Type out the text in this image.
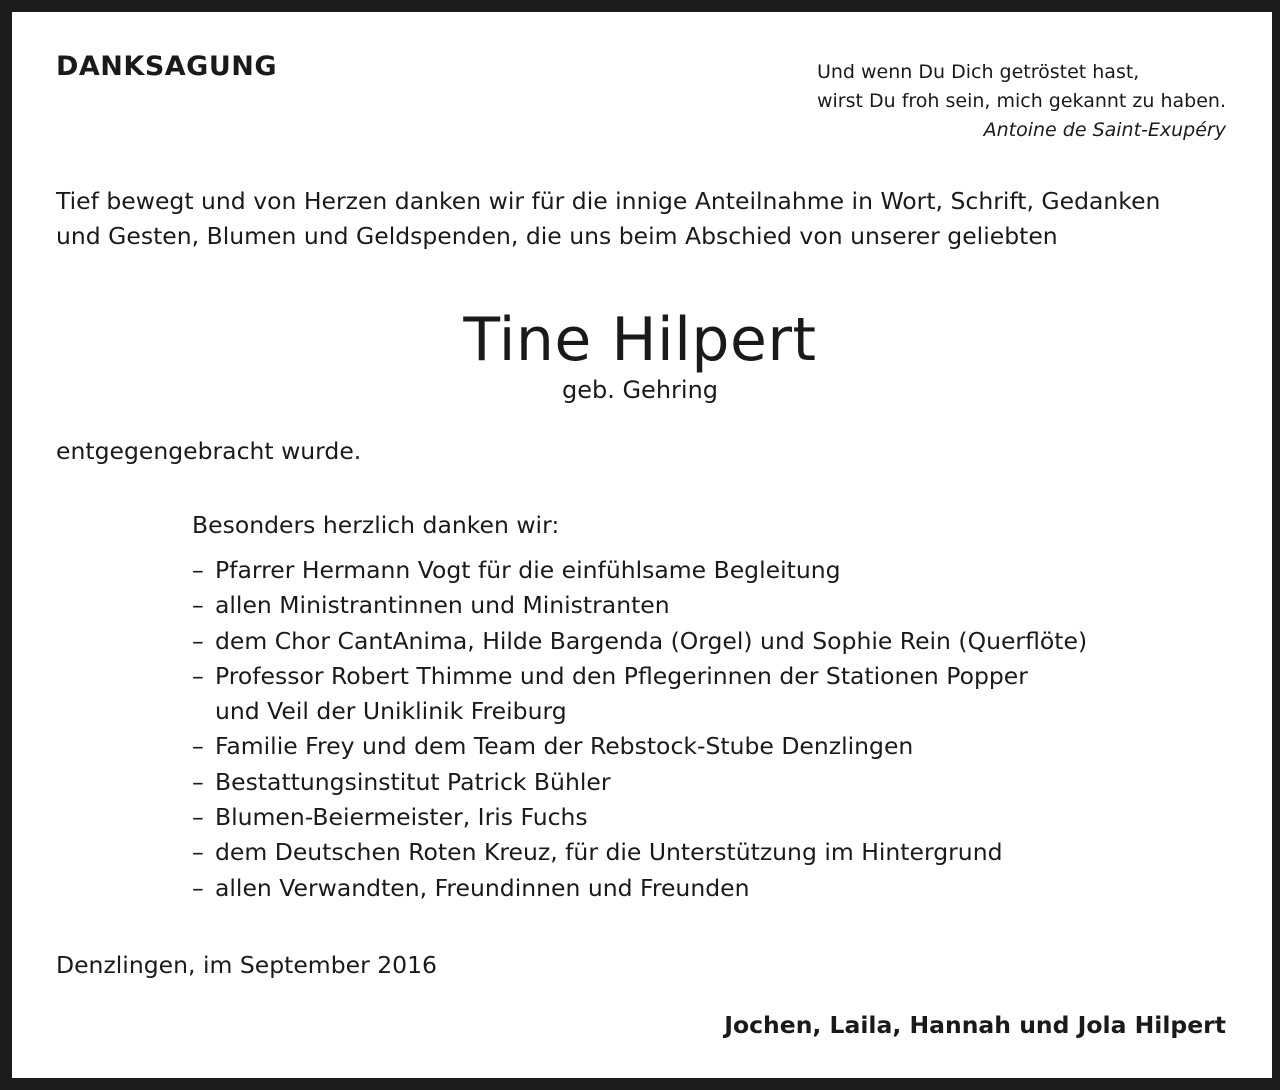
DANKSAGUNG	Und wenn Du Dich getröstet hast,
wirst Du froh sein, mich gekannt zu haben.

Antoine de Saint-Exupéry
Tief bewegt und von Herzen danken wir für die innige Anteilnahme in Wort, Schrift, Gedanken
und Gesten, Blumen und Geldspenden, die uns beim Abschied von unserer geliebten
Tine Hilpert
geb. Gehring
entgegengebracht wurde.
Besonders herzlich danken wir:
– Pfarrer Hermann Vogt für die einfühlsame Begleitung
– allen Ministrantinnen und Ministranten
– dem Chor CantAnima, Hilde Bargenda (Orgel) und Sophie Rein (Querflöte)
– Professor Robert Thimme und den Pflegerinnen der Stationen Popper
und Veil der Uniklinik Freiburg
– Familie Frey und dem Team der Rebstock-Stube Denzlingen
– Bestattungsinstitut Patrick Bühler
– Blumen-Beiermeister, Iris Fuchs
– dem Deutschen Roten Kreuz, für die Unterstützung im Hintergrund
– allen Verwandten, Freundinnen und Freunden
Denzlingen, im September 2016
Jochen, Laila, Hannah und Jola Hilpert
